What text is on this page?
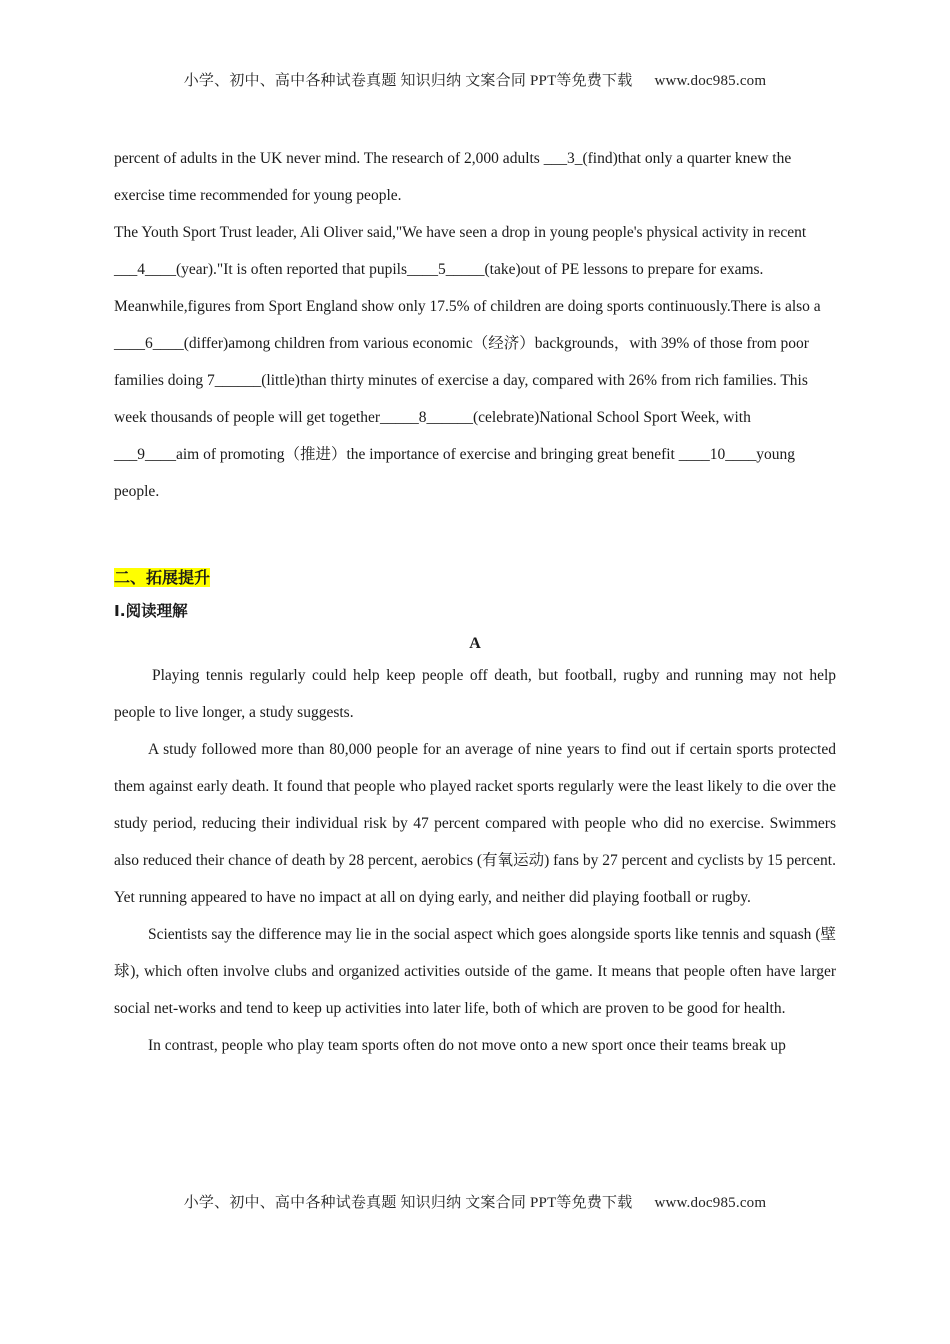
小学、初中、高中各种试卷真题 知识归纳 文案合同 PPT等免费下载 www.doc985.com

percent of adults in the UK never mind. The research of 2,000 adults ___3_(find)that only a quarter knew the exercise time recommended for young people.

The Youth Sport Trust leader, Ali Oliver said,"We have seen a drop in young people's physical activity in recent ___4____(year)."It is often reported that pupils____5_____(take)out of PE lessons to prepare for exams.

Meanwhile,figures from Sport England show only 17.5% of children are doing sports continuously.There is also a ____6____(differ)among children from various economic（经济）backgrounds，with 39% of those from poor families doing 7______(little)than thirty minutes of exercise a day, compared with 26% from rich families. This week thousands of people will get together_____8______(celebrate)National School Sport Week, with ___9____aim of promoting（推进）the importance of exercise and bringing great benefit ____10____young people.

二、拓展提升
I.阅读理解
A

Playing tennis regularly could help keep people off death, but football, rugby and running may not help people to live longer, a study suggests.

A study followed more than 80,000 people for an average of nine years to find out if certain sports protected them against early death. It found that people who played racket sports regularly were the least likely to die over the study period, reducing their individual risk by 47 percent compared with people who did no exercise. Swimmers also reduced their chance of death by 28 percent, aerobics (有氧运动) fans by 27 percent and cyclists by 15 percent. Yet running appeared to have no impact at all on dying early, and neither did playing football or rugby.

Scientists say the difference may lie in the social aspect which goes alongside sports like tennis and squash (壁球), which often involve clubs and organized activities outside of the game. It means that people often have larger social net-works and tend to keep up activities into later life, both of which are proven to be good for health.

In contrast, people who play team sports often do not move onto a new sport once their teams break up

小学、初中、高中各种试卷真题 知识归纳 文案合同 PPT等免费下载 www.doc985.com
